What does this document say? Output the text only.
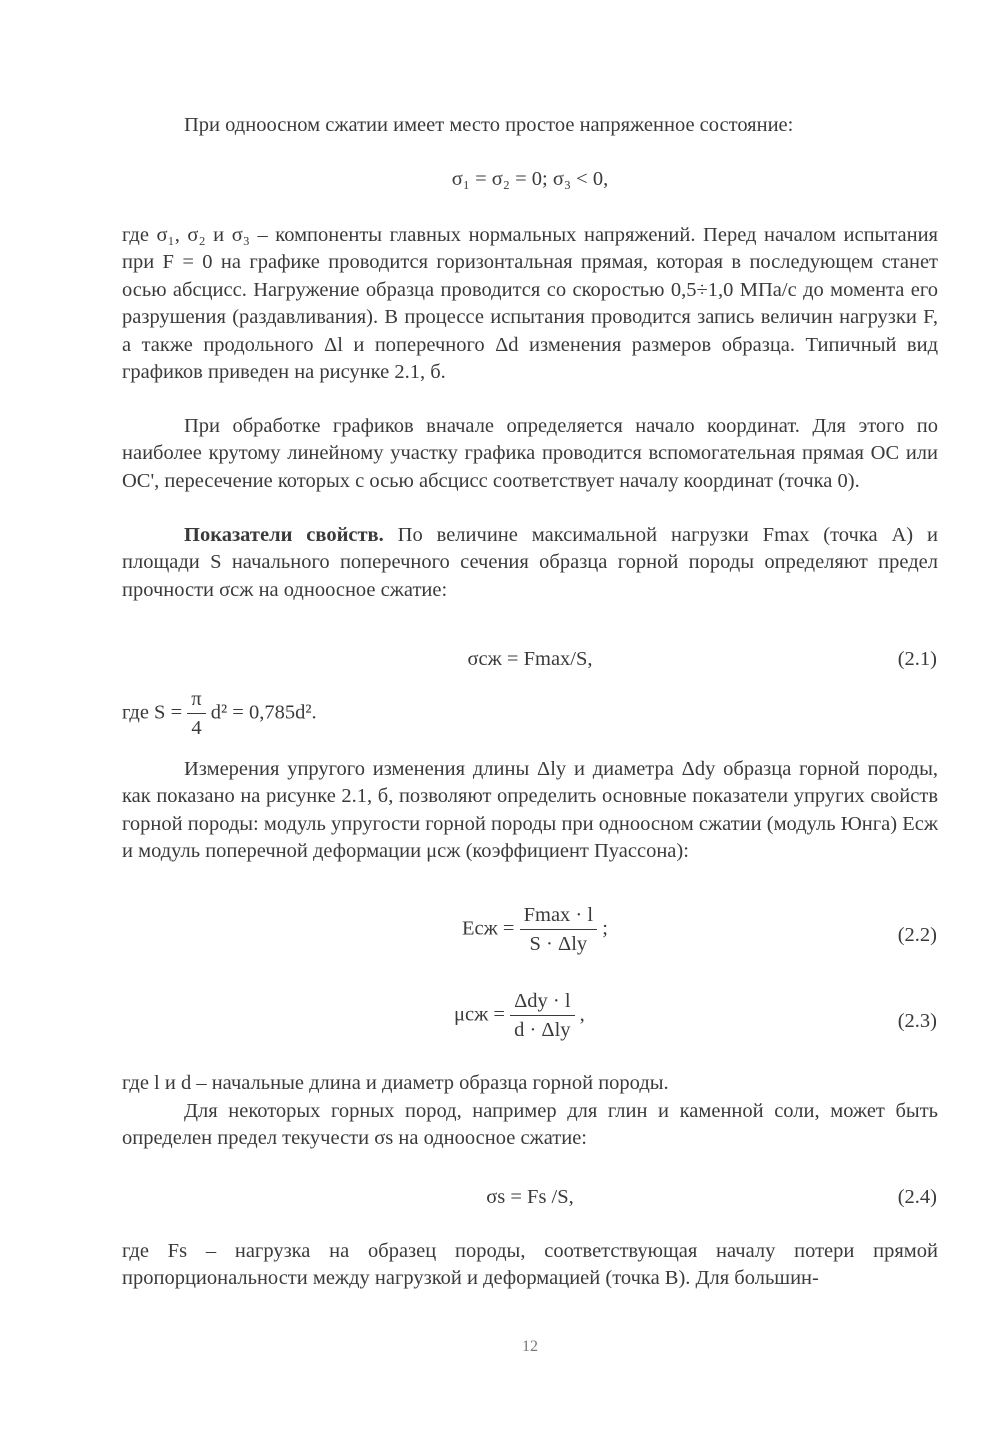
При одноосном сжатии имеет место простое напряженное состояние:

σ₁ = σ₂ = 0; σ₃ < 0,

где σ₁, σ₂ и σ₃ – компоненты главных нормальных напряжений. Перед началом испытания при F = 0 на графике проводится горизонтальная прямая, которая в последующем станет осью абсцисс. Нагружение образца проводится со скоростью 0,5÷1,0 МПа/с до момента его разрушения (раздавливания). В процессе испытания проводится запись величин нагрузки F, а также продольного Δl и поперечного Δd изменения размеров образца. Типичный вид графиков приведен на рисунке 2.1, б.

При обработке графиков вначале определяется начало координат. Для этого по наиболее крутому линейному участку графика проводится вспомогательная прямая OC или OC', пересечение которых с осью абсцисс соответствует началу координат (точка 0).

Показатели свойств. По величине максимальной нагрузки Fmax (точка A) и площади S начального поперечного сечения образца горной породы определяют предел прочности σсж на одноосное сжатие:

σсж = Fmax/S,	(2.1)
где $S = \frac{\pi}{4} d^2 = 0,785d^2$.

Измерения упругого изменения длины Δlу и диаметра Δdу образца горной породы, как показано на рисунке 2.1, б, позволяют определить основные показатели упругих свойств горной породы: модуль упругости горной породы при одноосном сжатии (модуль Юнга) Eсж и модуль поперечной деформации μсж (коэффициент Пуассона):

Eсж = $\frac{Fmax \cdot l}{\text{S · Δly}}$ ;	(2.2)
$\mu сж = \frac{\text{Δdy · l}}{\text{d · Δly}}$ ,	(2.3)

где l и d – начальные длина и диаметр образца горной породы.

Для некоторых горных пород, например для глин и каменной соли, может быть определен предел текучести σs на одноосное сжатие:

σs = Fs /S,	(2.4)

где Fs – нагрузка на образец породы, соответствующая началу потери прямой пропорциональности между нагрузкой и деформацией (точка B). Для большин-

12
